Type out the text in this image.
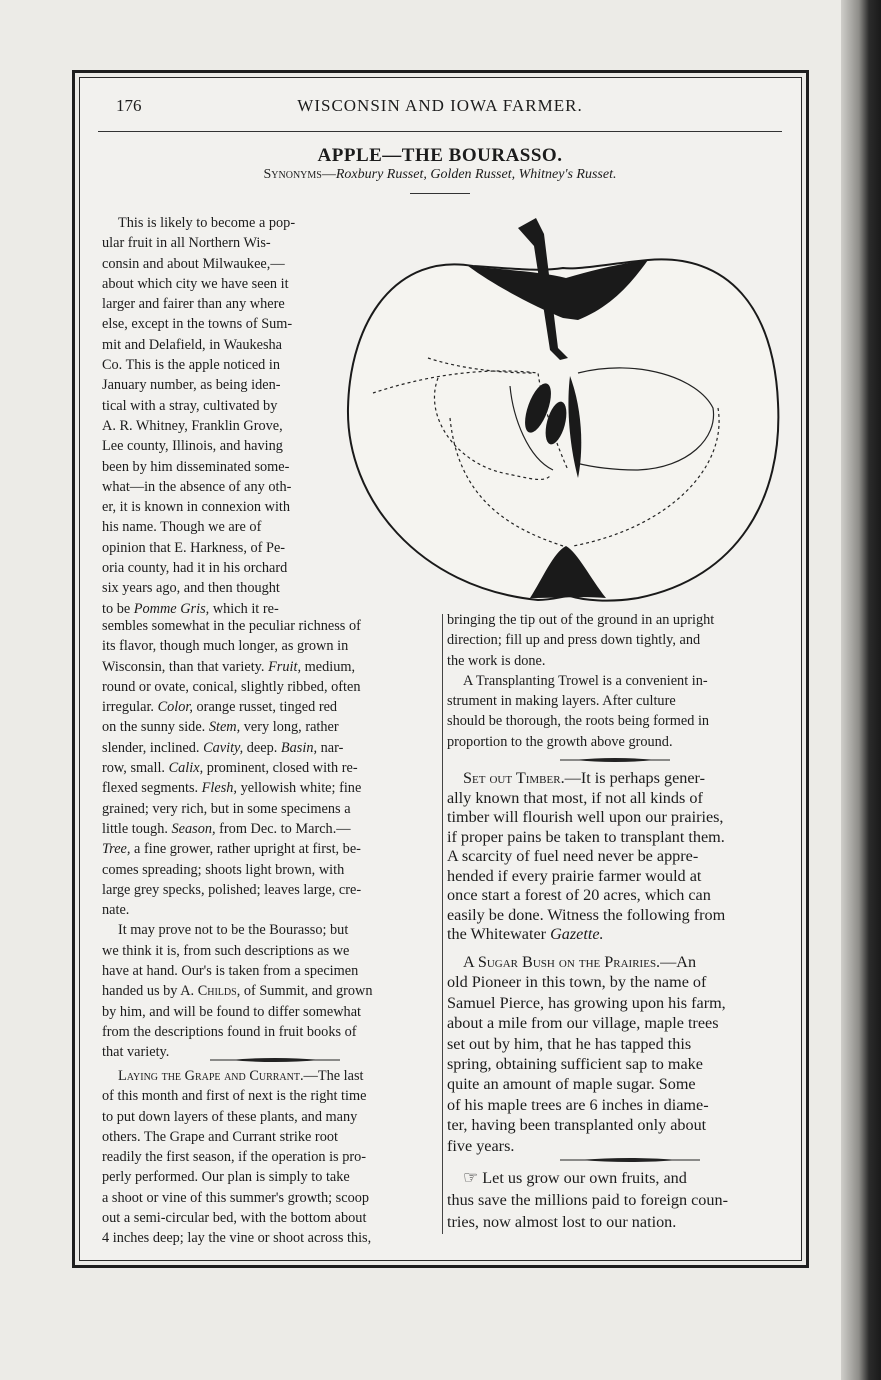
176	WISCONSIN AND IOWA FARMER.
APPLE—THE BOURASSO.
Synonyms—Roxbury Russet, Golden Russet, Whitney's Russet.
This is likely to become a pop-
ular fruit in all Northern Wis-
consin and about Milwaukee,—
about which city we have seen it
larger and fairer than any where
else, except in the towns of Sum-
mit and Delafield, in Waukesha
Co. This is the apple noticed in
January number, as being iden-
tical with a stray, cultivated by
A. R. Whitney, Franklin Grove,
Lee county, Illinois, and having
been by him disseminated some-
what—in the absence of any oth-
er, it is known in connexion with
his name. Though we are of
opinion that E. Harkness, of Pe-
oria county, had it in his orchard
six years ago, and then thought
to be Pomme Gris, which it re-
sembles somewhat in the peculiar richness of
its flavor, though much longer, as grown in
Wisconsin, than that variety. Fruit, medium,
round or ovate, conical, slightly ribbed, often
irregular. Color, orange russet, tinged red
on the sunny side. Stem, very long, rather
slender, inclined. Cavity, deep. Basin, nar-
row, small. Calix, prominent, closed with re-
flexed segments. Flesh, yellowish white; fine
grained; very rich, but in some specimens a
little tough. Season, from Dec. to March.—
Tree, a fine grower, rather upright at first, be-
comes spreading; shoots light brown, with
large grey specks, polished; leaves large, cre-
nate.
It may prove not to be the Bourasso; but
we think it is, from such descriptions as we
have at hand. Our's is taken from a specimen
handed us by A. Childs, of Summit, and grown
by him, and will be found to differ somewhat
from the descriptions found in fruit books of
that variety.
Laying the Grape and Currant.—The last
of this month and first of next is the right time
to put down layers of these plants, and many
others. The Grape and Currant strike root
readily the first season, if the operation is pro-
perly performed. Our plan is simply to take
a shoot or vine of this summer's growth; scoop
out a semi-circular bed, with the bottom about
4 inches deep; lay the vine or shoot across this,
bringing the tip out of the ground in an upright
direction; fill up and press down tightly, and
the work is done.
A Transplanting Trowel is a convenient in-
strument in making layers. After culture
should be thorough, the roots being formed in
proportion to the growth above ground.
Set out Timber.—It is perhaps gener-
ally known that most, if not all kinds of
timber will flourish well upon our prairies,
if proper pains be taken to transplant them.
A scarcity of fuel need never be appre-
hended if every prairie farmer would at
once start a forest of 20 acres, which can
easily be done. Witness the following from
the Whitewater Gazette.
A Sugar Bush on the Prairies.—An
old Pioneer in this town, by the name of
Samuel Pierce, has growing upon his farm,
about a mile from our village, maple trees
set out by him, that he has tapped this
spring, obtaining sufficient sap to make
quite an amount of maple sugar. Some
of his maple trees are 6 inches in diame-
ter, having been transplanted only about
five years.
☞ Let us grow our own fruits, and
thus save the millions paid to foreign coun-
tries, now almost lost to our nation.
